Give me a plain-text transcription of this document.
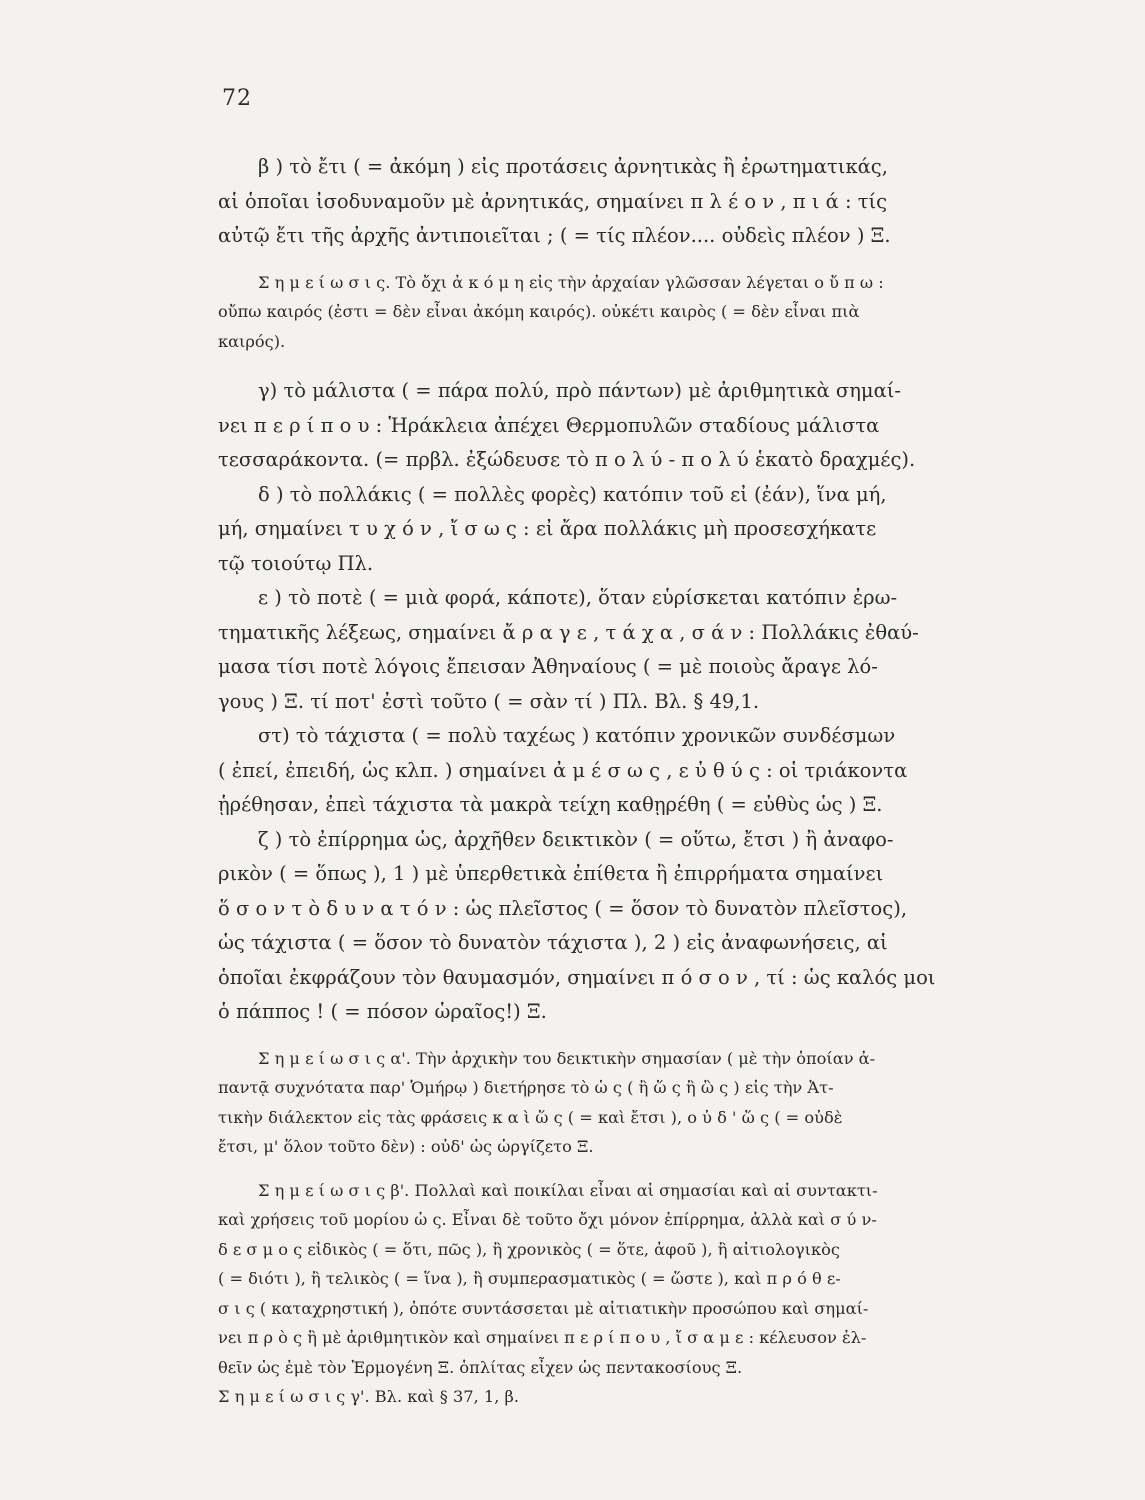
72

β ) τὸ ἔτι ( = ἀκόμη ) εἰς προτάσεις ἀρνητικὰς ἢ ἐρωτηματικάς,

αἱ ὁποῖαι ἰσοδυναμοῦν μὲ ἀρνητικάς, σημαίνει π λ έ ο ν , π ι ά : τίς

αὐτῷ ἔτι τῆς ἀρχῆς ἀντιποιεῖται ; ( = τίς πλέον.... οὐδεὶς πλέον ) Ξ.

Σ η μ ε ί ω σ ι ς. Τὸ ὄχι ἀ κ ό μ η εἰς τὴν ἀρχαίαν γλῶσσαν λέγεται ο ὔ π ω :

οὔπω καιρός (ἐστι = δὲν εἶναι ἀκόμη καιρός). οὐκέτι καιρὸς ( = δὲν εἶναι πιὰ

καιρός).

γ) τὸ μάλιστα ( = πάρα πολύ, πρὸ πάντων) μὲ ἀριθμητικὰ σημαί-

νει π ε ρ ί π ο υ : Ἡράκλεια ἀπέχει Θερμοπυλῶν σταδίους μάλιστα

τεσσαράκοντα. (= πρβλ. ἐξώδευσε τὸ π ο λ ύ - π ο λ ύ ἑκατὸ δραχμές).

δ ) τὸ πολλάκις ( = πολλὲς φορὲς) κατόπιν τοῦ εἰ (ἐάν), ἵνα μή,

μή, σημαίνει τ υ χ ό ν , ἴ σ ω ς : εἰ ἄρα πολλάκις μὴ προσεσχήκατε

τῷ τοιούτῳ Πλ.

ε ) τὸ ποτὲ ( = μιὰ φορά, κάποτε), ὅταν εὑρίσκεται κατόπιν ἐρω-

τηματικῆς λέξεως, σημαίνει ἄ ρ α γ ε , τ ά χ α , σ ά ν : Πολλάκις ἐθαύ-

μασα τίσι ποτὲ λόγοις ἔπεισαν Ἀθηναίους ( = μὲ ποιοὺς ἄραγε λό-

γους ) Ξ. τί ποτ' ἐστὶ τοῦτο ( = σὰν τί ) Πλ. Βλ. § 49,1.

στ) τὸ τάχιστα ( = πολὺ ταχέως ) κατόπιν χρονικῶν συνδέσμων

( ἐπεί, ἐπειδή, ὡς κλπ. ) σημαίνει ἀ μ έ σ ω ς , ε ὐ θ ύ ς : οἱ τριάκοντα

ᾑρέθησαν, ἐπεὶ τάχιστα τὰ μακρὰ τείχη καθῃρέθη ( = εὐθὺς ὡς ) Ξ.

ζ ) τὸ ἐπίρρημα ὡς, ἀρχῆθεν δεικτικὸν ( = οὕτω, ἔτσι ) ἢ ἀναφο-

ρικὸν ( = ὅπως ), 1 ) μὲ ὑπερθετικὰ ἐπίθετα ἢ ἐπιρρήματα σημαίνει

ὅ σ ο ν τ ὸ δ υ ν α τ ό ν : ὡς πλεῖστος ( = ὅσον τὸ δυνατὸν πλεῖστος),

ὡς τάχιστα ( = ὅσον τὸ δυνατὸν τάχιστα ), 2 ) εἰς ἀναφωνήσεις, αἱ

ὁποῖαι ἐκφράζουν τὸν θαυμασμόν, σημαίνει π ό σ ο ν , τί : ὡς καλός μοι

ὁ πάππος ! ( = πόσον ὡραῖος!) Ξ.

Σ η μ ε ί ω σ ι ς α'. Τὴν ἀρχικὴν του δεικτικὴν σημασίαν ( μὲ τὴν ὁποίαν ἀ-

παντᾷ συχνότατα παρ' Ὁμήρῳ ) διετήρησε τὸ ὡ ς ( ἢ ὥ ς ἢ ὣ ς ) εἰς τὴν Ἀτ-

τικὴν διάλεκτον εἰς τὰς φράσεις κ α ὶ ὥ ς ( = καὶ ἔτσι ), ο ὐ δ ' ὥ ς ( = οὐδὲ

ἔτσι, μ' ὅλον τοῦτο δὲν) : οὐδ' ὡς ὠργίζετο Ξ.

Σ η μ ε ί ω σ ι ς β'. Πολλαὶ καὶ ποικίλαι εἶναι αἱ σημασίαι καὶ αἱ συντακτι-

καὶ χρήσεις τοῦ μορίου ὡ ς. Εἶναι δὲ τοῦτο ὄχι μόνον ἐπίρρημα, ἀλλὰ καὶ σ ύ ν-

δ ε σ μ ο ς εἰδικὸς ( = ὅτι, πῶς ), ἢ χρονικὸς ( = ὅτε, ἀφοῦ ), ἢ αἰτιολογικὸς

( = διότι ), ἢ τελικὸς ( = ἵνα ), ἢ συμπερασματικὸς ( = ὥστε ), καὶ π ρ ό θ ε-

σ ι ς ( καταχρηστική ), ὁπότε συντάσσεται μὲ αἰτιατικὴν προσώπου καὶ σημαί-

νει π ρ ὸ ς ἢ μὲ ἀριθμητικὸν καὶ σημαίνει π ε ρ ί π ο υ , ἴ σ α μ ε : κέλευσον ἐλ-

θεῖν ὡς ἐμὲ τὸν Ἑρμογένη Ξ. ὁπλίτας εἶχεν ὡς πεντακοσίους Ξ.

Σ η μ ε ί ω σ ι ς γ'. Βλ. καὶ § 37, 1, β.
